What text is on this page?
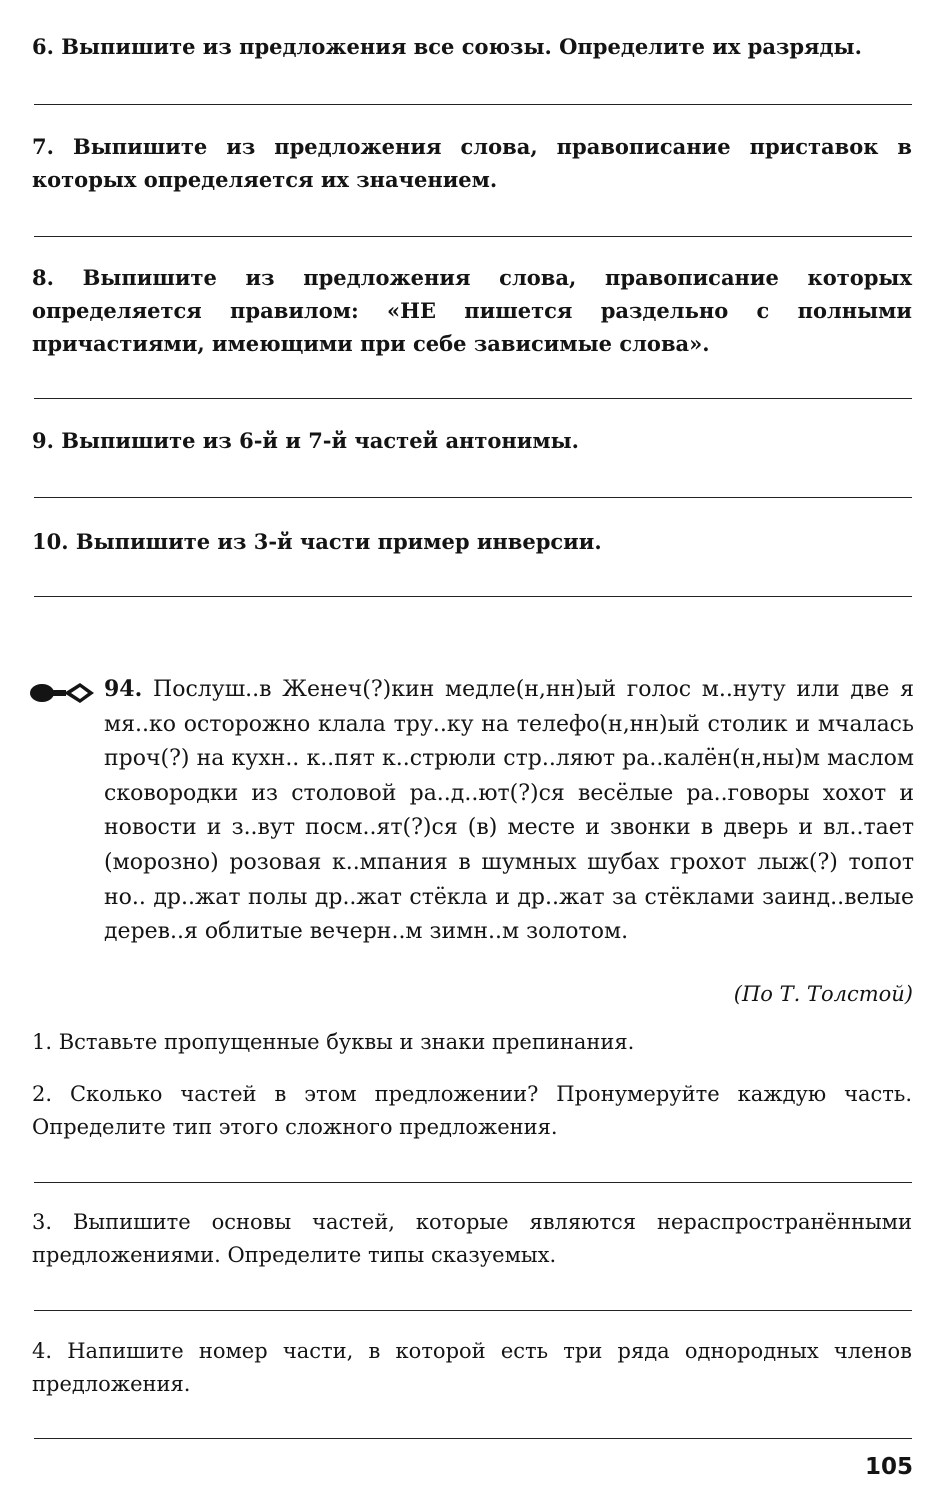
6. Выпишите из предложения все союзы. Определите их разряды.

7. Выпишите из предложения слова, правописание приставок в которых определяется их значением.

8. Выпишите из предложения слова, правописание которых определяется правилом: «НЕ пишется раздельно с полными причастиями, имеющими при себе зависимые слова».

9. Выпишите из 6-й и 7-й частей антонимы.

10. Выпишите из 3-й части пример инверсии.

94. Послуш..в Женеч(?)кин медле(н,нн)ый голос м..нуту или две я мя..ко осторожно клала тру..ку на телефо(н,нн)ый столик и мчалась проч(?) на кухн.. к..пят к..стрюли стр..ляют ра..калён(н,ны)м маслом сковородки из столовой ра..д..ют(?)ся весёлые ра..говоры хохот и новости и з..вут посм..ят(?)ся (в) месте и звонки в дверь и вл..тает (морозно) розовая к..мпания в шумных шубах грохот лыж(?) топот но.. др..жат полы др..жат стёкла и др..жат за стёклами заинд..велые дерев..я облитые вечерн..м зимн..м золотом.

(По Т. Толстой)

1. Вставьте пропущенные буквы и знаки препинания.

2. Сколько частей в этом предложении? Пронумеруйте каждую часть. Определите тип этого сложного предложения.

3. Выпишите основы частей, которые являются нераспространёнными предложениями. Определите типы сказуемых.

4. Напишите номер части, в которой есть три ряда однородных членов предложения.

105
